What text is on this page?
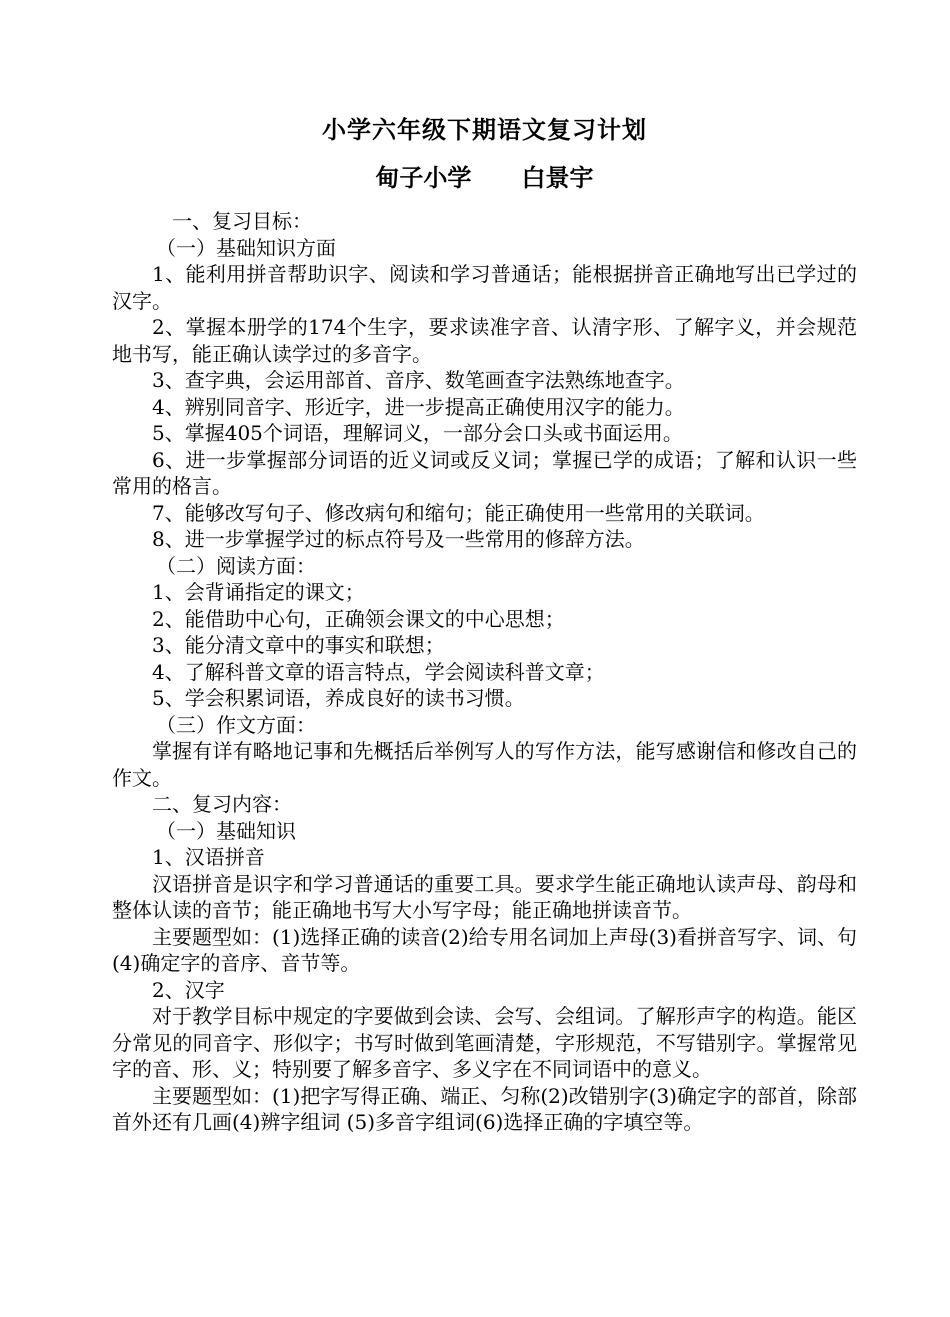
小学六年级下期语文复习计划
甸子小学      白景宇

一、复习目标：

（一）基础知识方面

1、能利用拼音帮助识字、阅读和学习普通话；能根据拼音正确地写出已学过的汉字。

2、掌握本册学的174个生字，要求读准字音、认清字形、了解字义，并会规范地书写，能正确认读学过的多音字。

3、查字典，会运用部首、音序、数笔画查字法熟练地查字。

4、辨别同音字、形近字，进一步提高正确使用汉字的能力。

5、掌握405个词语，理解词义，一部分会口头或书面运用。

6、进一步掌握部分词语的近义词或反义词；掌握已学的成语；了解和认识一些常用的格言。

7、能够改写句子、修改病句和缩句；能正确使用一些常用的关联词。

8、进一步掌握学过的标点符号及一些常用的修辞方法。

（二）阅读方面：

1、会背诵指定的课文；

2、能借助中心句，正确领会课文的中心思想；

3、能分清文章中的事实和联想；

4、了解科普文章的语言特点，学会阅读科普文章；

5、学会积累词语，养成良好的读书习惯。

（三）作文方面：

掌握有详有略地记事和先概括后举例写人的写作方法，能写感谢信和修改自己的作文。

二、复习内容：

（一）基础知识

1、汉语拼音

汉语拼音是识字和学习普通话的重要工具。要求学生能正确地认读声母、韵母和整体认读的音节；能正确地书写大小写字母；能正确地拼读音节。

主要题型如：(1)选择正确的读音(2)给专用名词加上声母(3)看拼音写字、词、句　　(4)确定字的音序、音节等。

2、汉字

对于教学目标中规定的字要做到会读、会写、会组词。了解形声字的构造。能区分常见的同音字、形似字；书写时做到笔画清楚，字形规范，不写错别字。掌握常见字的音、形、义；特别要了解多音字、多义字在不同词语中的意义。

主要题型如：(1)把字写得正确、端正、匀称(2)改错别字(3)确定字的部首，除部首外还有几画(4)辨字组词 (5)多音字组词(6)选择正确的字填空等。
